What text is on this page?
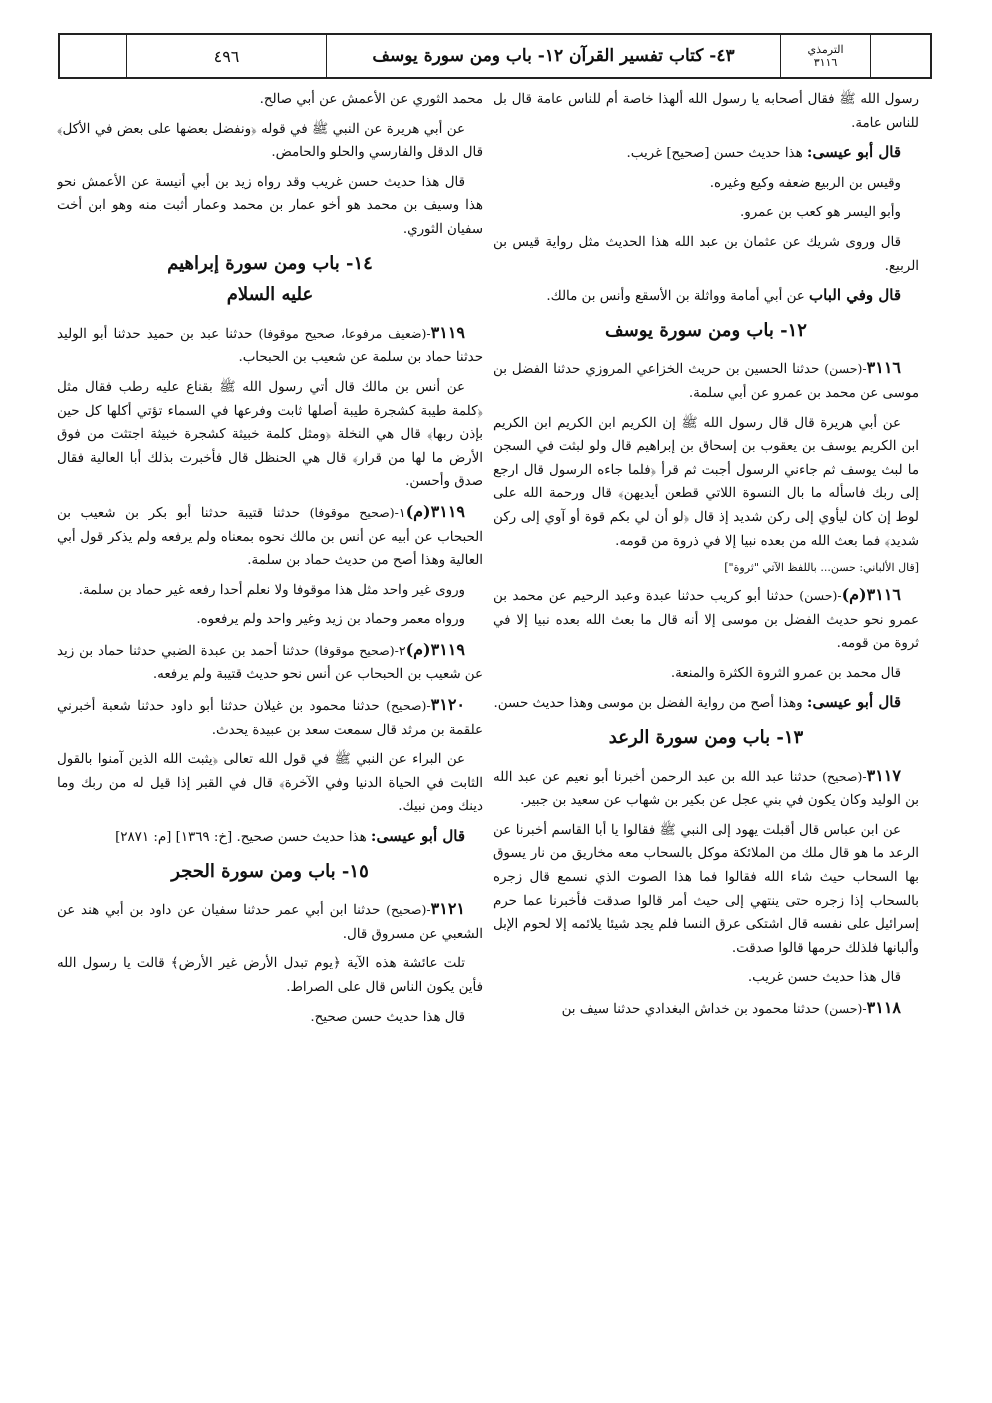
الترمذي
٣١١٦
٤٣- كتاب تفسير القرآن ١٢- باب ومن سورة يوسف
٤٩٦

رسول الله ﷺ فقال أصحابه يا رسول الله ألهذا خاصة أم للناس عامة قال بل للناس عامة.

قال أبو عيسى: هذا حديث حسن [صحيح] غريب.

وقيس بن الربيع ضعفه وكيع وغيره.

وأبو اليسر هو كعب بن عمرو.

قال وروى شريك عن عثمان بن عبد الله هذا الحديث مثل رواية قيس بن الربيع.

قال وفي الباب عن أبي أمامة وواثلة بن الأسقع وأنس بن مالك.

١٢- باب ومن سورة يوسف

٣١١٦-(حسن) حدثنا الحسين بن حريث الخزاعي المروزي حدثنا الفضل بن موسى عن محمد بن عمرو عن أبي سلمة.

عن أبي هريرة قال قال رسول الله ﷺ إن الكريم ابن الكريم ابن الكريم ابن الكريم يوسف بن يعقوب بن إسحاق بن إبراهيم قال ولو لبثت في السجن ما لبث يوسف ثم جاءني الرسول أجبت ثم قرأ ﴿فلما جاءه الرسول قال ارجع إلى ربك فاسأله ما بال النسوة اللاتي قطعن أيديهن﴾ قال ورحمة الله على لوط إن كان ليأوي إلى ركن شديد إذ قال ﴿لو أن لي بكم قوة أو آوي إلى ركن شديد﴾ فما بعث الله من بعده نبيا إلا في ذروة من قومه.

[قال الألباني: حسن... باللفظ الآتي "ثروة"]

٣١١٦(م)-(حسن) حدثنا أبو كريب حدثنا عبدة وعبد الرحيم عن محمد بن عمرو نحو حديث الفضل بن موسى إلا أنه قال ما بعث الله بعده نبيا إلا في ثروة من قومه.

قال محمد بن عمرو الثروة الكثرة والمنعة.

قال أبو عيسى: وهذا أصح من رواية الفضل بن موسى وهذا حديث حسن.

١٣- باب ومن سورة الرعد

٣١١٧-(صحيح) حدثنا عبد الله بن عبد الرحمن أخبرنا أبو نعيم عن عبد الله بن الوليد وكان يكون في بني عجل عن بكير بن شهاب عن سعيد بن جبير.

عن ابن عباس قال أقبلت يهود إلى النبي ﷺ فقالوا يا أبا القاسم أخبرنا عن الرعد ما هو قال ملك من الملائكة موكل بالسحاب معه مخاريق من نار يسوق بها السحاب حيث شاء الله فقالوا فما هذا الصوت الذي نسمع قال زجره بالسحاب إذا زجره حتى ينتهي إلى حيث أمر قالوا صدقت فأخبرنا عما حرم إسرائيل على نفسه قال اشتكى عرق النسا فلم يجد شيئا يلائمه إلا لحوم الإبل وألبانها فلذلك حرمها قالوا صدقت.

قال هذا حديث حسن غريب.

٣١١٨-(حسن) حدثنا محمود بن خداش البغدادي حدثنا سيف بن

محمد الثوري عن الأعمش عن أبي صالح.

عن أبي هريرة عن النبي ﷺ في قوله ﴿ونفضل بعضها على بعض في الأكل﴾ قال الدقل والفارسي والحلو والحامض.

قال هذا حديث حسن غريب وقد رواه زيد بن أبي أنيسة عن الأعمش نحو هذا وسيف بن محمد هو أخو عمار بن محمد وعمار أثبت منه وهو ابن أخت سفيان الثوري.

١٤- باب ومن سورة إبراهيم
عليه السلام

٣١١٩-(ضعيف مرفوعا، صحيح موقوفا) حدثنا عبد بن حميد حدثنا أبو الوليد حدثنا حماد بن سلمة عن شعيب بن الحبحاب.

عن أنس بن مالك قال أتي رسول الله ﷺ بقناع عليه رطب فقال مثل ﴿كلمة طيبة كشجرة طيبة أصلها ثابت وفرعها في السماء تؤتي أكلها كل حين بإذن ربها﴾ قال هي النخلة ﴿ومثل كلمة خبيثة كشجرة خبيثة اجتثت من فوق الأرض ما لها من قرار﴾ قال هي الحنظل قال فأخبرت بذلك أبا العالية فقال صدق وأحسن.

٣١١٩(م)١-(صحيح موقوفا) حدثنا قتيبة حدثنا أبو بكر بن شعيب بن الحبحاب عن أبيه عن أنس بن مالك نحوه بمعناه ولم يرفعه ولم يذكر قول أبي العالية وهذا أصح من حديث حماد بن سلمة.

وروى غير واحد مثل هذا موقوفا ولا نعلم أحدا رفعه غير حماد بن سلمة.

ورواه معمر وحماد بن زيد وغير واحد ولم يرفعوه.

٣١١٩(م)٢-(صحيح موقوفا) حدثنا أحمد بن عبدة الضبي حدثنا حماد بن زيد عن شعيب بن الحبحاب عن أنس نحو حديث قتيبة ولم يرفعه.

٣١٢٠-(صحيح) حدثنا محمود بن غيلان حدثنا أبو داود حدثنا شعبة أخبرني علقمة بن مرثد قال سمعت سعد بن عبيدة يحدث.

عن البراء عن النبي ﷺ في قول الله تعالى ﴿يثبت الله الذين آمنوا بالقول الثابت في الحياة الدنيا وفي الآخرة﴾ قال في القبر إذا قيل له من ربك وما دينك ومن نبيك.

قال أبو عيسى: هذا حديث حسن صحيح. [خ: ١٣٦٩] [م: ٢٨٧١]

١٥- باب ومن سورة الحجر

٣١٢١-(صحيح) حدثنا ابن أبي عمر حدثنا سفيان عن داود بن أبي هند عن الشعبي عن مسروق قال.

تلت عائشة هذه الآية ﴿يوم تبدل الأرض غير الأرض﴾ قالت يا رسول الله فأين يكون الناس قال على الصراط.

قال هذا حديث حسن صحيح.
